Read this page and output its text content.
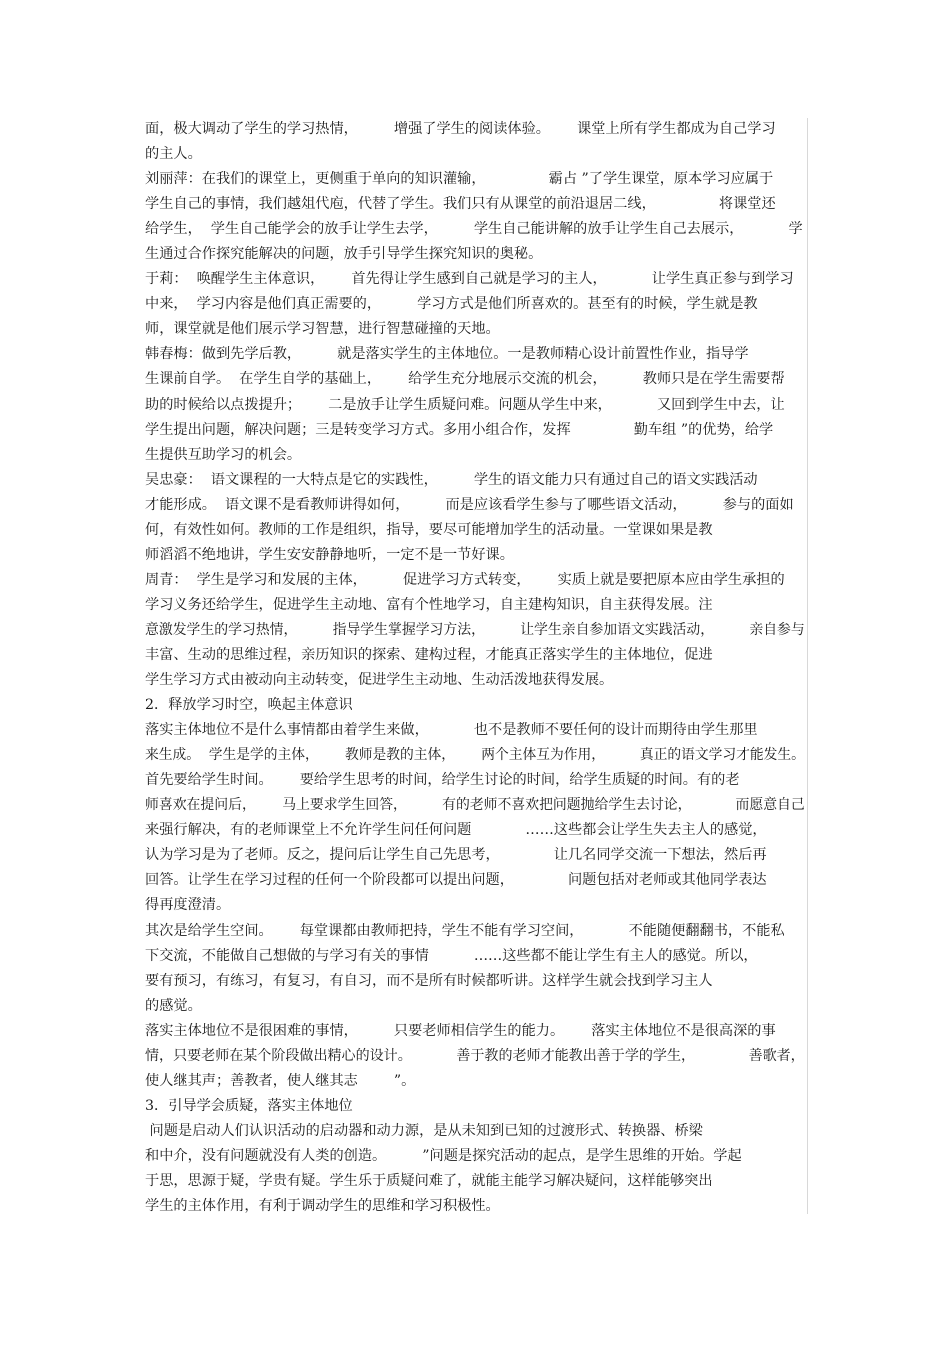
面，极大调动了学生的学习热情，        增强了学生的阅读体验。      课堂上所有学生都成为自己学习
的主人。
刘丽萍：在我们的课堂上，更侧重于单向的知识灌输，              霸占 ”了学生课堂，原本学习应属于
学生自己的事情，我们越俎代庖，代替了学生。我们只有从课堂的前沿退居二线，              将课堂还
给学生，  学生自己能学会的放手让学生去学，        学生自己能讲解的放手让学生自己去展示，          学
生通过合作探究能解决的问题，放手引导学生探究知识的奥秘。
于莉：  唤醒学生主体意识，      首先得让学生感到自己就是学习的主人，          让学生真正参与到学习
中来，  学习内容是他们真正需要的，        学习方式是他们所喜欢的。甚至有的时候，学生就是教
师，课堂就是他们展示学习智慧，进行智慧碰撞的天地。
韩春梅：做到先学后教，        就是落实学生的主体地位。一是教师精心设计前置性作业，指导学
生课前自学。  在学生自学的基础上，      给学生充分地展示交流的机会，        教师只是在学生需要帮
助的时候给以点拨提升；      二是放手让学生质疑问难。问题从学生中来，          又回到学生中去，让
学生提出问题，解决问题；三是转变学习方式。多用小组合作，发挥              勤车组 ”的优势，给学
生提供互助学习的机会。
吴忠豪：  语文课程的一大特点是它的实践性，        学生的语文能力只有通过自己的语文实践活动
才能形成。  语文课不是看教师讲得如何，        而是应该看学生参与了哪些语文活动，        参与的面如
何，有效性如何。教师的工作是组织，指导，要尽可能增加学生的活动量。一堂课如果是教
师滔滔不绝地讲，学生安安静静地听，一定不是一节好课。
周青：  学生是学习和发展的主体，        促进学习方式转变，      实质上就是要把原本应由学生承担的
学习义务还给学生，促进学生主动地、富有个性地学习，自主建构知识，自主获得发展。注
意激发学生的学习热情，        指导学生掌握学习方法，        让学生亲自参加语文实践活动，        亲自参与
丰富、生动的思维过程，亲历知识的探索、建构过程，才能真正落实学生的主体地位，促进
学生学习方式由被动向主动转变，促进学生主动地、生动活泼地获得发展。
2．释放学习时空，唤起主体意识
落实主体地位不是什么事情都由着学生来做，          也不是教师不要任何的设计而期待由学生那里
来生成。  学生是学的主体，      教师是教的主体，      两个主体互为作用，        真正的语文学习才能发生。
首先要给学生时间。      要给学生思考的时间，给学生讨论的时间，给学生质疑的时间。有的老
师喜欢在提问后，      马上要求学生回答，        有的老师不喜欢把问题抛给学生去讨论，          而愿意自己
来强行解决，有的老师课堂上不允许学生问任何问题            ……这些都会让学生失去主人的感觉，
认为学习是为了老师。反之，提问后让学生自己先思考，            让几名同学交流一下想法，然后再
回答。让学生在学习过程的任何一个阶段都可以提出问题，            问题包括对老师或其他同学表达
得再度澄清。
其次是给学生空间。      每堂课都由教师把持，学生不能有学习空间，          不能随便翻翻书，不能私
下交流，不能做自己想做的与学习有关的事情          ……这些都不能让学生有主人的感觉。所以，
要有预习，有练习，有复习，有自习，而不是所有时候都听讲。这样学生就会找到学习主人
的感觉。
落实主体地位不是很困难的事情，        只要老师相信学生的能力。      落实主体地位不是很高深的事
情，只要老师在某个阶段做出精心的设计。          善于教的老师才能教出善于学的学生，            善歌者，
使人继其声；善教者，使人继其志        ”。
3．引导学会质疑，落实主体地位
问题是启动人们认识活动的启动器和动力源，是从未知到已知的过渡形式、转换器、桥梁
和中介，没有问题就没有人类的创造。        ”问题是探究活动的起点，是学生思维的开始。学起
于思，思源于疑，学贵有疑。学生乐于质疑问难了，就能主能学习解决疑问，这样能够突出
学生的主体作用，有利于调动学生的思维和学习积极性。
